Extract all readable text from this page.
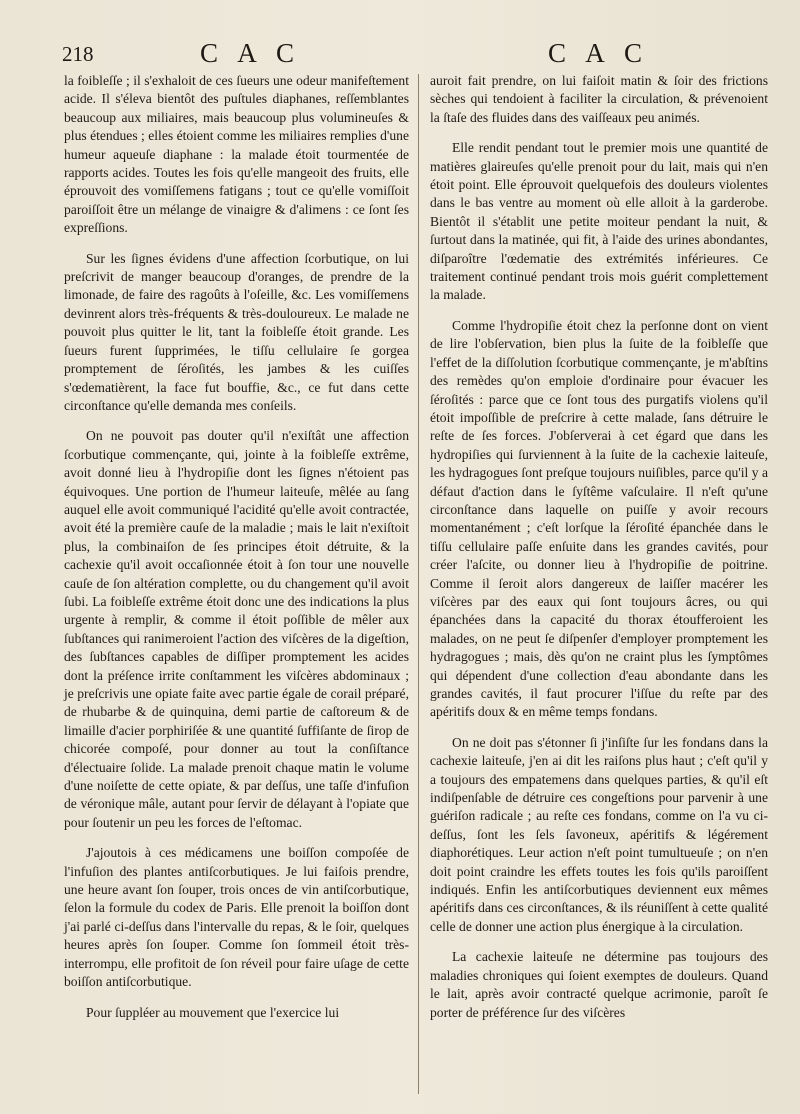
218	C A C	C A C

la foibleſſe ; il s'exhaloit de ces ſueurs une odeur manifeſtement acide. Il s'éleva bientôt des puſtules diaphanes, reſſemblantes beaucoup aux miliaires, mais beaucoup plus volumineuſes & plus étendues ; elles étoient comme les miliaires remplies d'une humeur aqueuſe diaphane : la malade étoit tourmentée de rapports acides. Toutes les fois qu'elle mangeoit des fruits, elle éprouvoit des vomiſſemens fatigans ; tout ce qu'elle vomiſſoit paroiſſoit être un mélange de vinaigre & d'alimens : ce ſont ſes expreſſions.

Sur les ſignes évidens d'une affection ſcorbutique, on lui preſcrivit de manger beaucoup d'oranges, de prendre de la limonade, de faire des ragoûts à l'oſeille, &c. Les vomiſſemens devinrent alors très-fréquents & très-douloureux. Le malade ne pouvoit plus quitter le lit, tant la foibleſſe étoit grande. Les ſueurs furent ſupprimées, le tiſſu cellulaire ſe gorgea promptement de ſéroſités, les jambes & les cuiſſes s'œdematièrent, la face fut bouffie, &c., ce fut dans cette circonſtance qu'elle demanda mes conſeils.

On ne pouvoit pas douter qu'il n'exiſtât une affection ſcorbutique commençante, qui, jointe à la foibleſſe extrême, avoit donné lieu à l'hydropiſie dont les ſignes n'étoient pas équivoques. Une portion de l'humeur laiteuſe, mêlée au ſang auquel elle avoit communiqué l'acidité qu'elle avoit contractée, avoit été la première cauſe de la maladie ; mais le lait n'exiſtoit plus, la combinaiſon de ſes principes étoit détruite, & la cachexie qu'il avoit occaſionnée étoit à ſon tour une nouvelle cauſe de ſon altération complette, ou du changement qu'il avoit ſubi. La foibleſſe extrême étoit donc une des indications la plus urgente à remplir, & comme il étoit poſſible de mêler aux ſubſtances qui ranimeroient l'action des viſcères de la digeſtion, des ſubſtances capables de diſſiper promptement les acides dont la préſence irrite conſtamment les viſcères abdominaux ; je preſcrivis une opiate faite avec partie égale de corail préparé, de rhubarbe & de quinquina, demi partie de caſtoreum & de limaille d'acier porphiriſée & une quantité ſuffiſante de ſirop de chicorée compoſé, pour donner au tout la conſiſtance d'électuaire ſolide. La malade prenoit chaque matin le volume d'une noiſette de cette opiate, & par deſſus, une taſſe d'infuſion de véronique mâle, autant pour ſervir de délayant à l'opiate que pour ſoutenir un peu les forces de l'eſtomac.

J'ajoutois à ces médicamens une boiſſon compoſée de l'infuſion des plantes antiſcorbutiques. Je lui faiſois prendre, une heure avant ſon ſouper, trois onces de vin antiſcorbutique, ſelon la formule du codex de Paris. Elle prenoit la boiſſon dont j'ai parlé ci-deſſus dans l'intervalle du repas, & le ſoir, quelques heures après ſon ſouper. Comme ſon ſommeil étoit très-interrompu, elle profitoit de ſon réveil pour faire uſage de cette boiſſon antiſcorbutique.

Pour ſuppléer au mouvement que l'exercice lui

auroit fait prendre, on lui faiſoit matin & ſoir des frictions sèches qui tendoient à faciliter la circulation, & prévenoient la ſtaſe des fluides dans des vaiſſeaux peu animés.

Elle rendit pendant tout le premier mois une quantité de matières glaireuſes qu'elle prenoit pour du lait, mais qui n'en étoit point. Elle éprouvoit quelquefois des douleurs violentes dans le bas ventre au moment où elle alloit à la garderobe. Bientôt il s'établit une petite moiteur pendant la nuit, & ſurtout dans la matinée, qui fit, à l'aide des urines abondantes, diſparoître l'œdematie des extrémités inférieures. Ce traitement continué pendant trois mois guérit complettement la malade.

Comme l'hydropiſie étoit chez la perſonne dont on vient de lire l'obſervation, bien plus la ſuite de la foibleſſe que l'effet de la diſſolution ſcorbutique commençante, je m'abſtins des remèdes qu'on emploie d'ordinaire pour évacuer les ſéroſités : parce que ce ſont tous des purgatifs violens qu'il étoit impoſſible de preſcrire à cette malade, ſans détruire le reſte de ſes forces. J'obſerverai à cet égard que dans les hydropiſies qui ſurviennent à la ſuite de la cachexie laiteuſe, les hydragogues ſont preſque toujours nuiſibles, parce qu'il y a défaut d'action dans le ſyſtême vaſculaire. Il n'eſt qu'une circonſtance dans laquelle on puiſſe y avoir recours momentanément ; c'eſt lorſque la ſéroſité épanchée dans le tiſſu cellulaire paſſe enſuite dans les grandes cavités, pour créer l'aſcite, ou donner lieu à l'hydropiſie de poitrine. Comme il ſeroit alors dangereux de laiſſer macérer les viſcères par des eaux qui ſont toujours âcres, ou qui épanchées dans la capacité du thorax étoufferoient les malades, on ne peut ſe diſpenſer d'employer promptement les hydragogues ; mais, dès qu'on ne craint plus les ſymptômes qui dépendent d'une collection d'eau abondante dans les grandes cavités, il faut procurer l'iſſue du reſte par des apéritifs doux & en même temps fondans.

On ne doit pas s'étonner ſi j'inſiſte ſur les fondans dans la cachexie laiteuſe, j'en ai dit les raiſons plus haut ; c'eſt qu'il y a toujours des empatemens dans quelques parties, & qu'il eſt indiſpenſable de détruire ces congeſtions pour parvenir à une guériſon radicale ; au reſte ces fondans, comme on l'a vu ci-deſſus, ſont les ſels ſavoneux, apéritifs & légérement diaphorétiques. Leur action n'eſt point tumultueuſe ; on n'en doit point craindre les effets toutes les fois qu'ils paroiſſent indiqués. Enfin les antiſcorbutiques deviennent eux mêmes apéritifs dans ces circonſtances, & ils réuniſſent à cette qualité celle de donner une action plus énergique à la circulation.

La cachexie laiteuſe ne détermine pas toujours des maladies chroniques qui ſoient exemptes de douleurs. Quand le lait, après avoir contracté quelque acrimonie, paroît ſe porter de préférence ſur des viſcères
